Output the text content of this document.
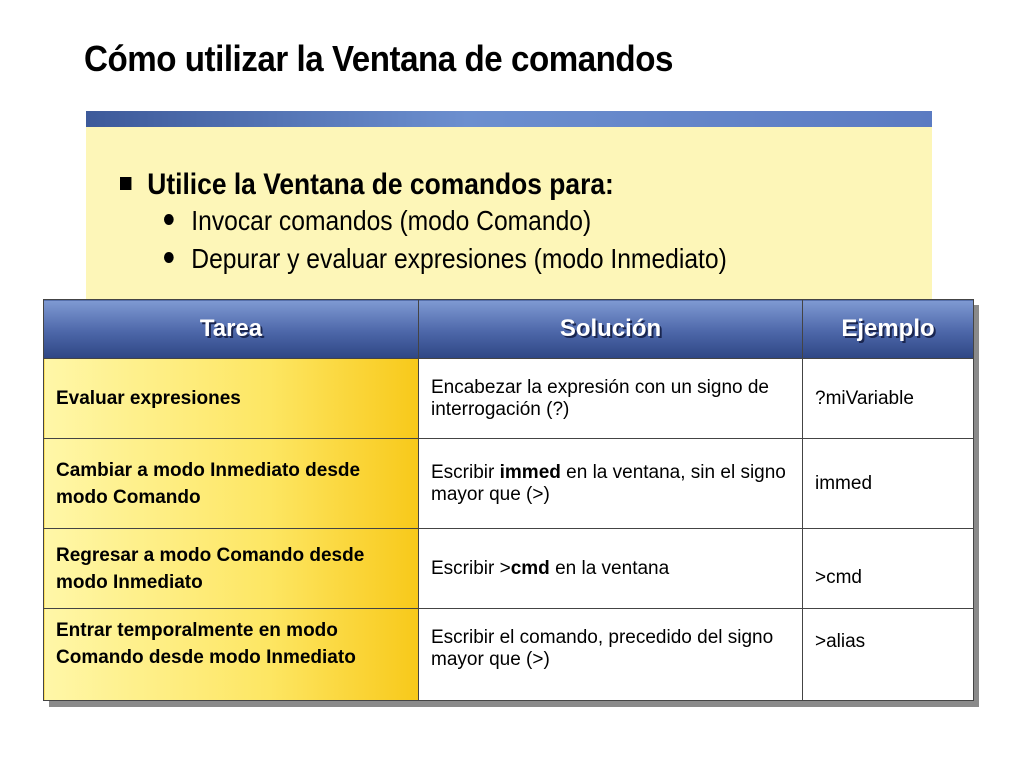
Cómo utilizar la Ventana de comandos
Utilice la Ventana de comandos para:
Invocar comandos (modo Comando)
Depurar y evaluar expresiones (modo Inmediato)
Tarea	Solución	Ejemplo
Evaluar expresiones	Encabezar la expresión con un signo de interrogación (?)	?miVariable
Cambiar a modo Inmediato desde modo Comando	Escribir immed en la ventana, sin el signo mayor que (>)	immed
Regresar a modo Comando desde modo Inmediato	Escribir >cmd en la ventana	>cmd
Entrar temporalmente en modo Comando desde modo Inmediato	Escribir el comando, precedido del signo mayor que (>)	>alias
